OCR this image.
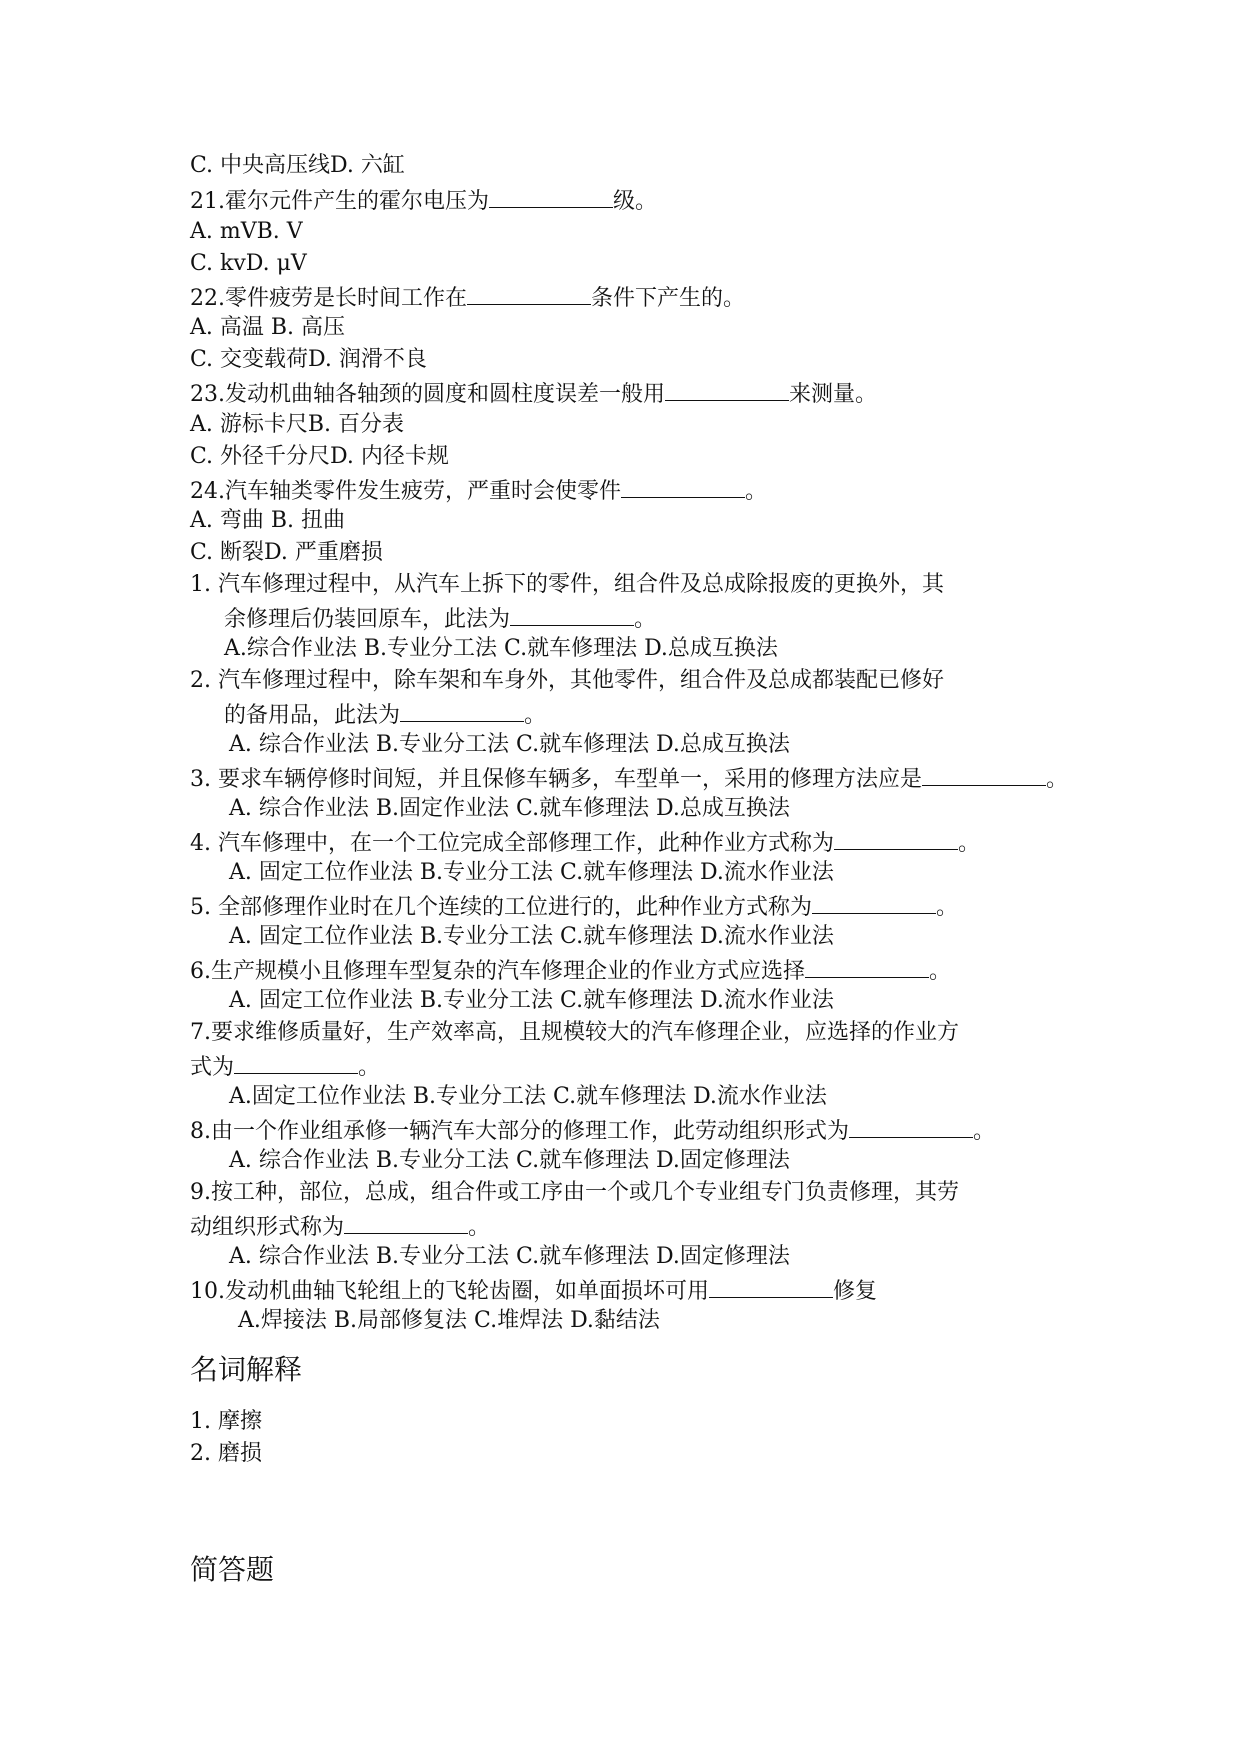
C. 中央高压线D. 六缸
21.霍尔元件产生的霍尔电压为	级。
A. mVB. V
C. kvD. μV
22.零件疲劳是长时间工作在	条件下产生的。
A. 高温 B. 高压
C. 交变载荷D. 润滑不良
23.发动机曲轴各轴颈的圆度和圆柱度误差一般用	来测量。
A. 游标卡尺B. 百分表
C. 外径千分尺D. 内径卡规
24.汽车轴类零件发生疲劳，严重时会使零件	。
A. 弯曲 B. 扭曲
C. 断裂D. 严重磨损
1. 汽车修理过程中，从汽车上拆下的零件，组合件及总成除报废的更换外，其
余修理后仍装回原车，此法为	。
A.综合作业法 B.专业分工法 C.就车修理法 D.总成互换法
2. 汽车修理过程中，除车架和车身外，其他零件，组合件及总成都装配已修好
的备用品，此法为	。
A. 综合作业法 B.专业分工法 C.就车修理法 D.总成互换法
3. 要求车辆停修时间短，并且保修车辆多，车型单一，采用的修理方法应是	。
A. 综合作业法 B.固定作业法 C.就车修理法 D.总成互换法
4. 汽车修理中，在一个工位完成全部修理工作，此种作业方式称为	。
A. 固定工位作业法 B.专业分工法 C.就车修理法 D.流水作业法
5. 全部修理作业时在几个连续的工位进行的，此种作业方式称为	。
A. 固定工位作业法 B.专业分工法 C.就车修理法 D.流水作业法
6.生产规模小且修理车型复杂的汽车修理企业的作业方式应选择	。
A. 固定工位作业法 B.专业分工法 C.就车修理法 D.流水作业法
7.要求维修质量好，生产效率高，且规模较大的汽车修理企业，应选择的作业方
式为	。
A.固定工位作业法 B.专业分工法 C.就车修理法 D.流水作业法
8.由一个作业组承修一辆汽车大部分的修理工作，此劳动组织形式为	。
A. 综合作业法 B.专业分工法 C.就车修理法 D.固定修理法
9.按工种，部位，总成，组合件或工序由一个或几个专业组专门负责修理，其劳
动组织形式称为	。
A. 综合作业法 B.专业分工法 C.就车修理法 D.固定修理法
10.发动机曲轴飞轮组上的飞轮齿圈，如单面损坏可用	修复
A.焊接法 B.局部修复法 C.堆焊法 D.黏结法
1. 摩擦
2. 磨损
名词解释
简答题
